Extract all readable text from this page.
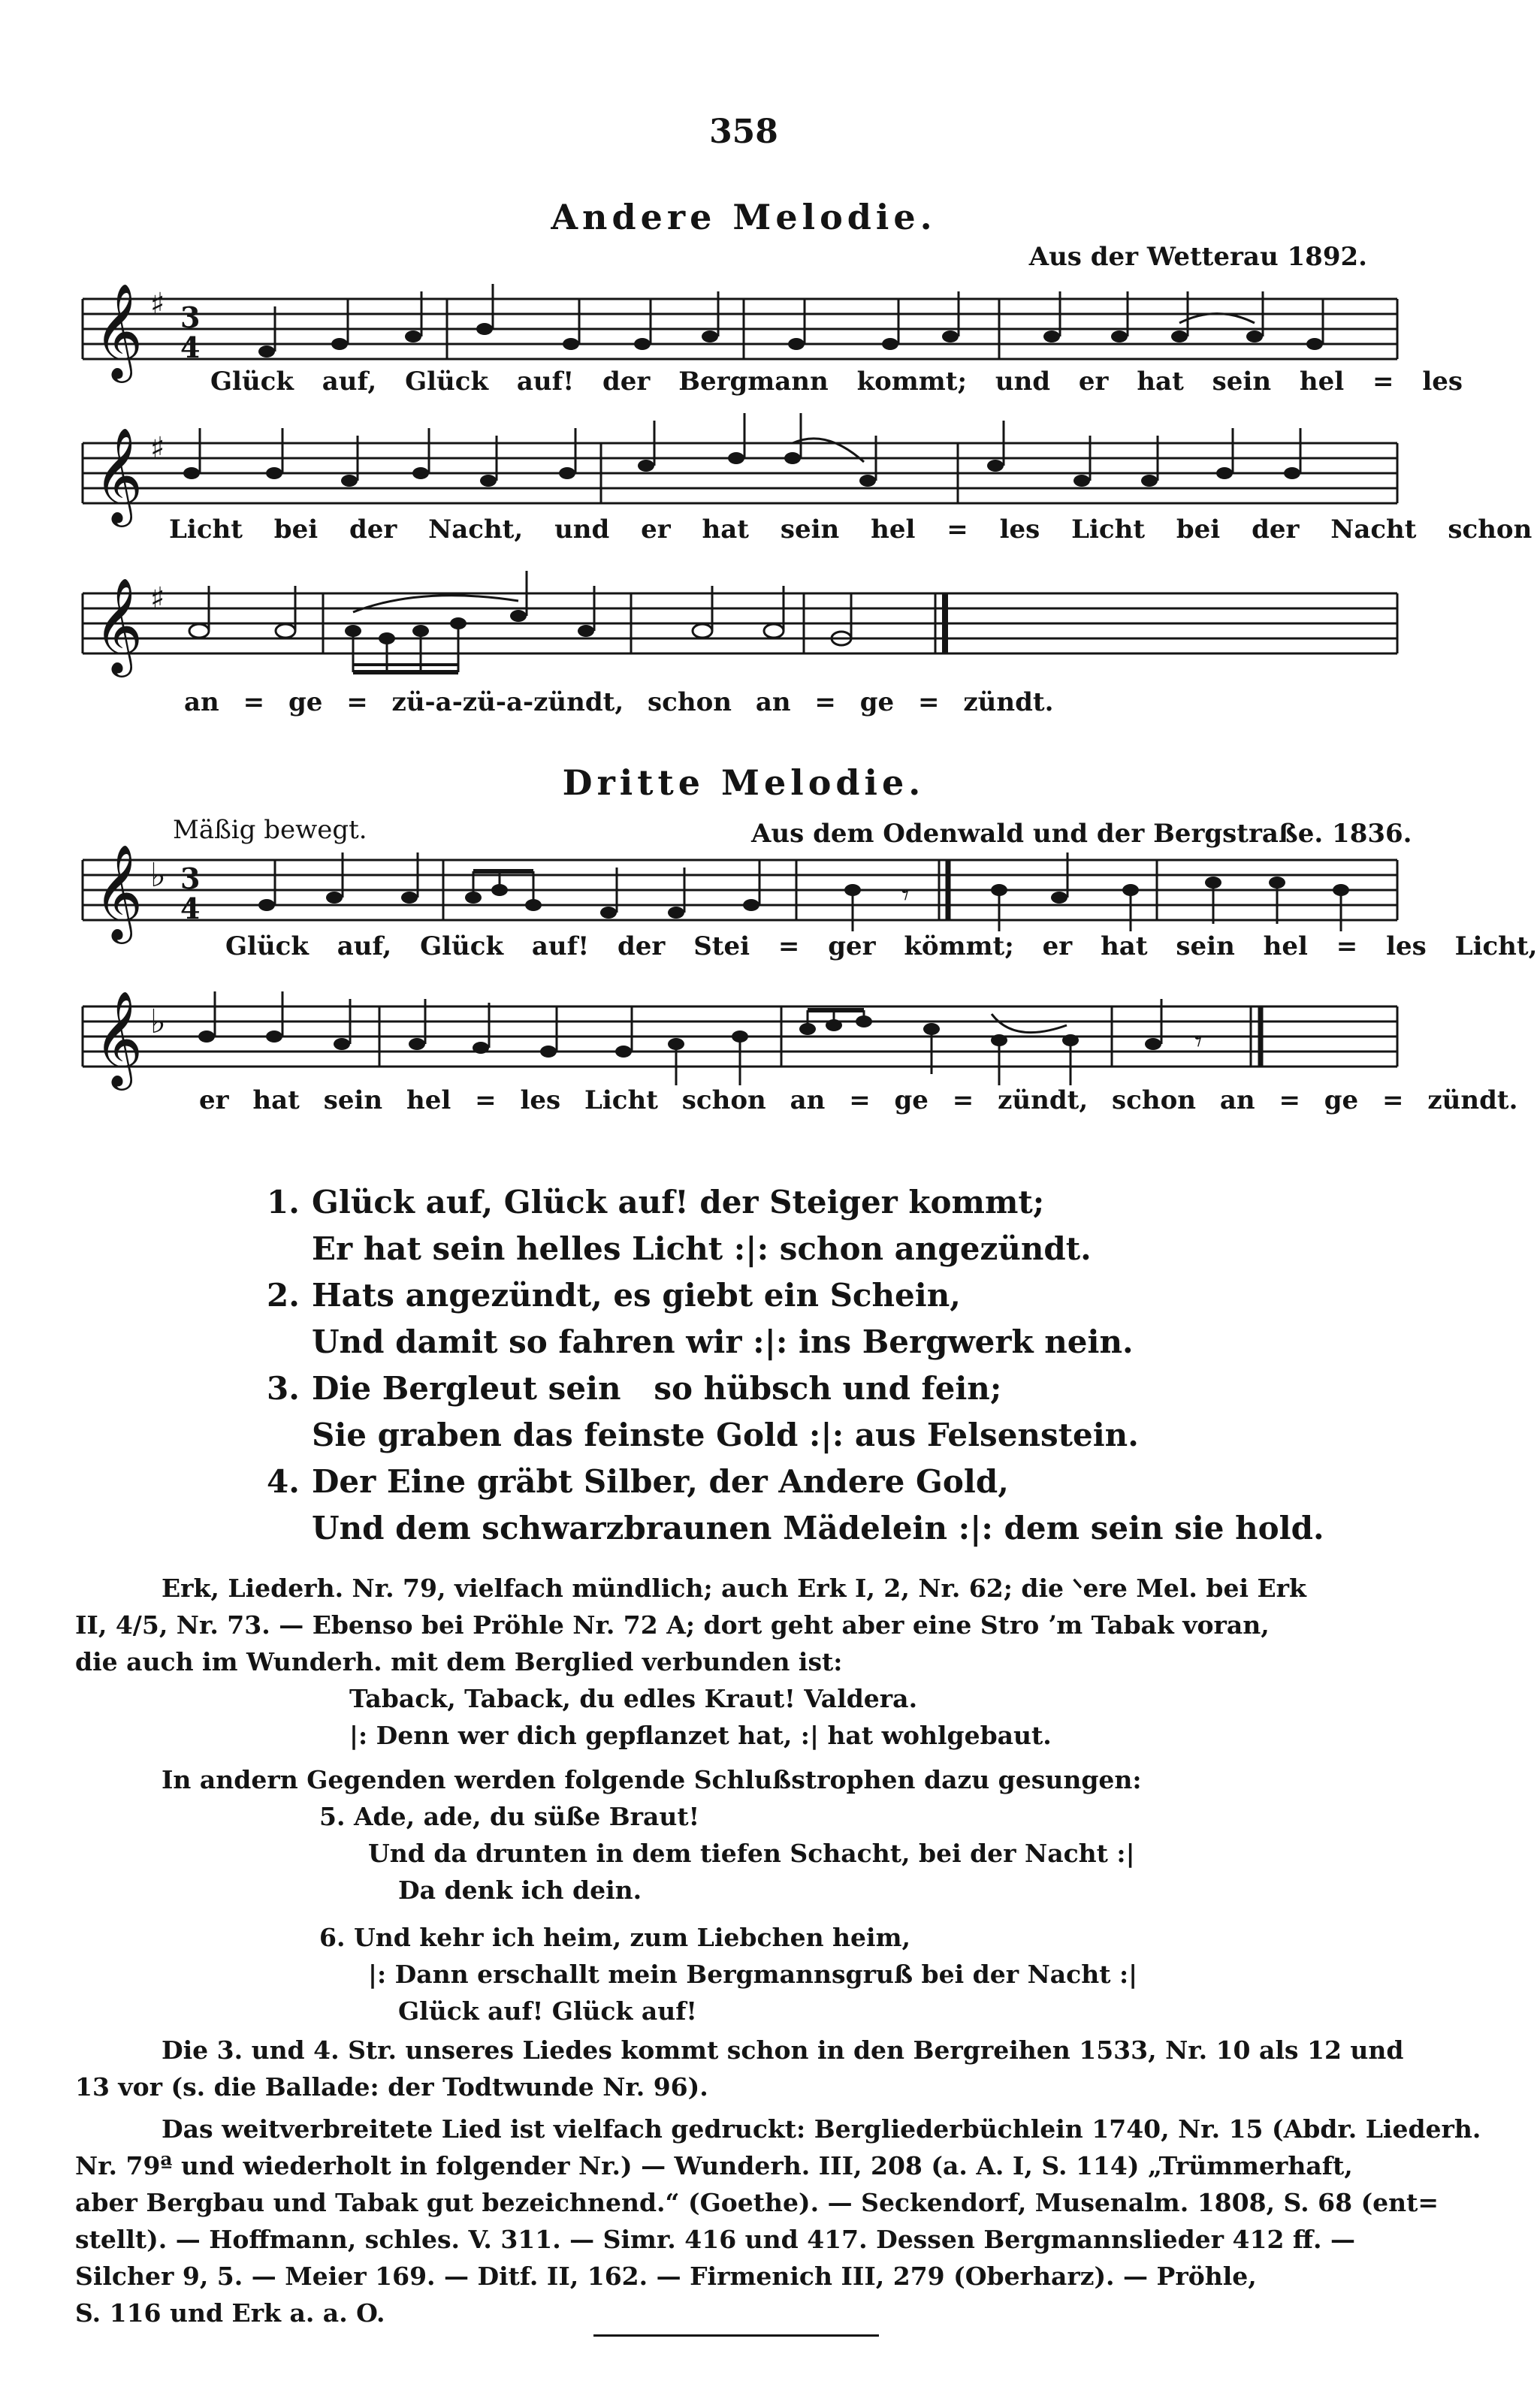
358
Andere Melodie.
Aus der Wetterau 1892.
𝄞 ♯ 3
4
𝄞 ♯
𝄞 ♯
𝄞 ♭ 3
4	𝄾
𝄞 ♭
𝄾
Glück auf, Glück auf! der Bergmann kommt; und er hat sein hel = les
Licht bei der Nacht, und er hat sein hel = les Licht bei der Nacht schon
an = ge = zü-a-zü-a-zündt, schon an = ge = zündt.
Dritte Melodie.
Mäßig bewegt.	Aus dem Odenwald und der Bergstraße. 1836.
Glück auf, Glück auf! der Stei = ger kömmt; er hat sein hel = les Licht,
er hat sein hel = les Licht schon an = ge = zündt, schon an = ge = zündt.
1. Glück auf, Glück auf! der Steiger kommt;
Er hat sein helles Licht :|: schon angezündt.
2. Hats angezündt, es giebt ein Schein,
Und damit so fahren wir :|: ins Bergwerk nein.
3. Die Bergleut sein   so hübsch und fein;
Sie graben das feinste Gold :|: aus Felsenstein.
4. Der Eine gräbt Silber, der Andere Gold,
Und dem schwarzbraunen Mädelein :|: dem sein sie hold.

Erk, Liederh. Nr. 79, vielfach mündlich; auch Erk I, 2, Nr. 62; die ᐠere Mel. bei Erk

II, 4/5, Nr. 73. — Ebenso bei Pröhle Nr. 72 A; dort geht aber eine Stro ʼm Tabak voran,

die auch im Wunderh. mit dem Berglied verbunden ist:

Taback, Taback, du edles Kraut! Valdera.

|: Denn wer dich gepflanzet hat, :| hat wohlgebaut.

In andern Gegenden werden folgende Schlußstrophen dazu gesungen:

5. Ade, ade, du süße Braut!

Und da drunten in dem tiefen Schacht, bei der Nacht :|

Da denk ich dein.

6. Und kehr ich heim, zum Liebchen heim,

|: Dann erschallt mein Bergmannsgruß bei der Nacht :|

Glück auf! Glück auf!

Die 3. und 4. Str. unseres Liedes kommt schon in den Bergreihen 1533, Nr. 10 als 12 und

13 vor (s. die Ballade: der Todtwunde Nr. 96).

Das weitverbreitete Lied ist vielfach gedruckt: Bergliederbüchlein 1740, Nr. 15 (Abdr. Liederh.

Nr. 79ª und wiederholt in folgender Nr.) — Wunderh. III, 208 (a. A. I, S. 114) „Trümmerhaft,

aber Bergbau und Tabak gut bezeichnend.“ (Goethe). — Seckendorf, Musenalm. 1808, S. 68 (ent=

stellt). — Hoffmann, schles. V. 311. — Simr. 416 und 417. Dessen Bergmannslieder 412 ff. —

Silcher 9, 5. — Meier 169. — Ditf. II, 162. — Firmenich III, 279 (Oberharz). — Pröhle,

S. 116 und Erk a. a. O.
